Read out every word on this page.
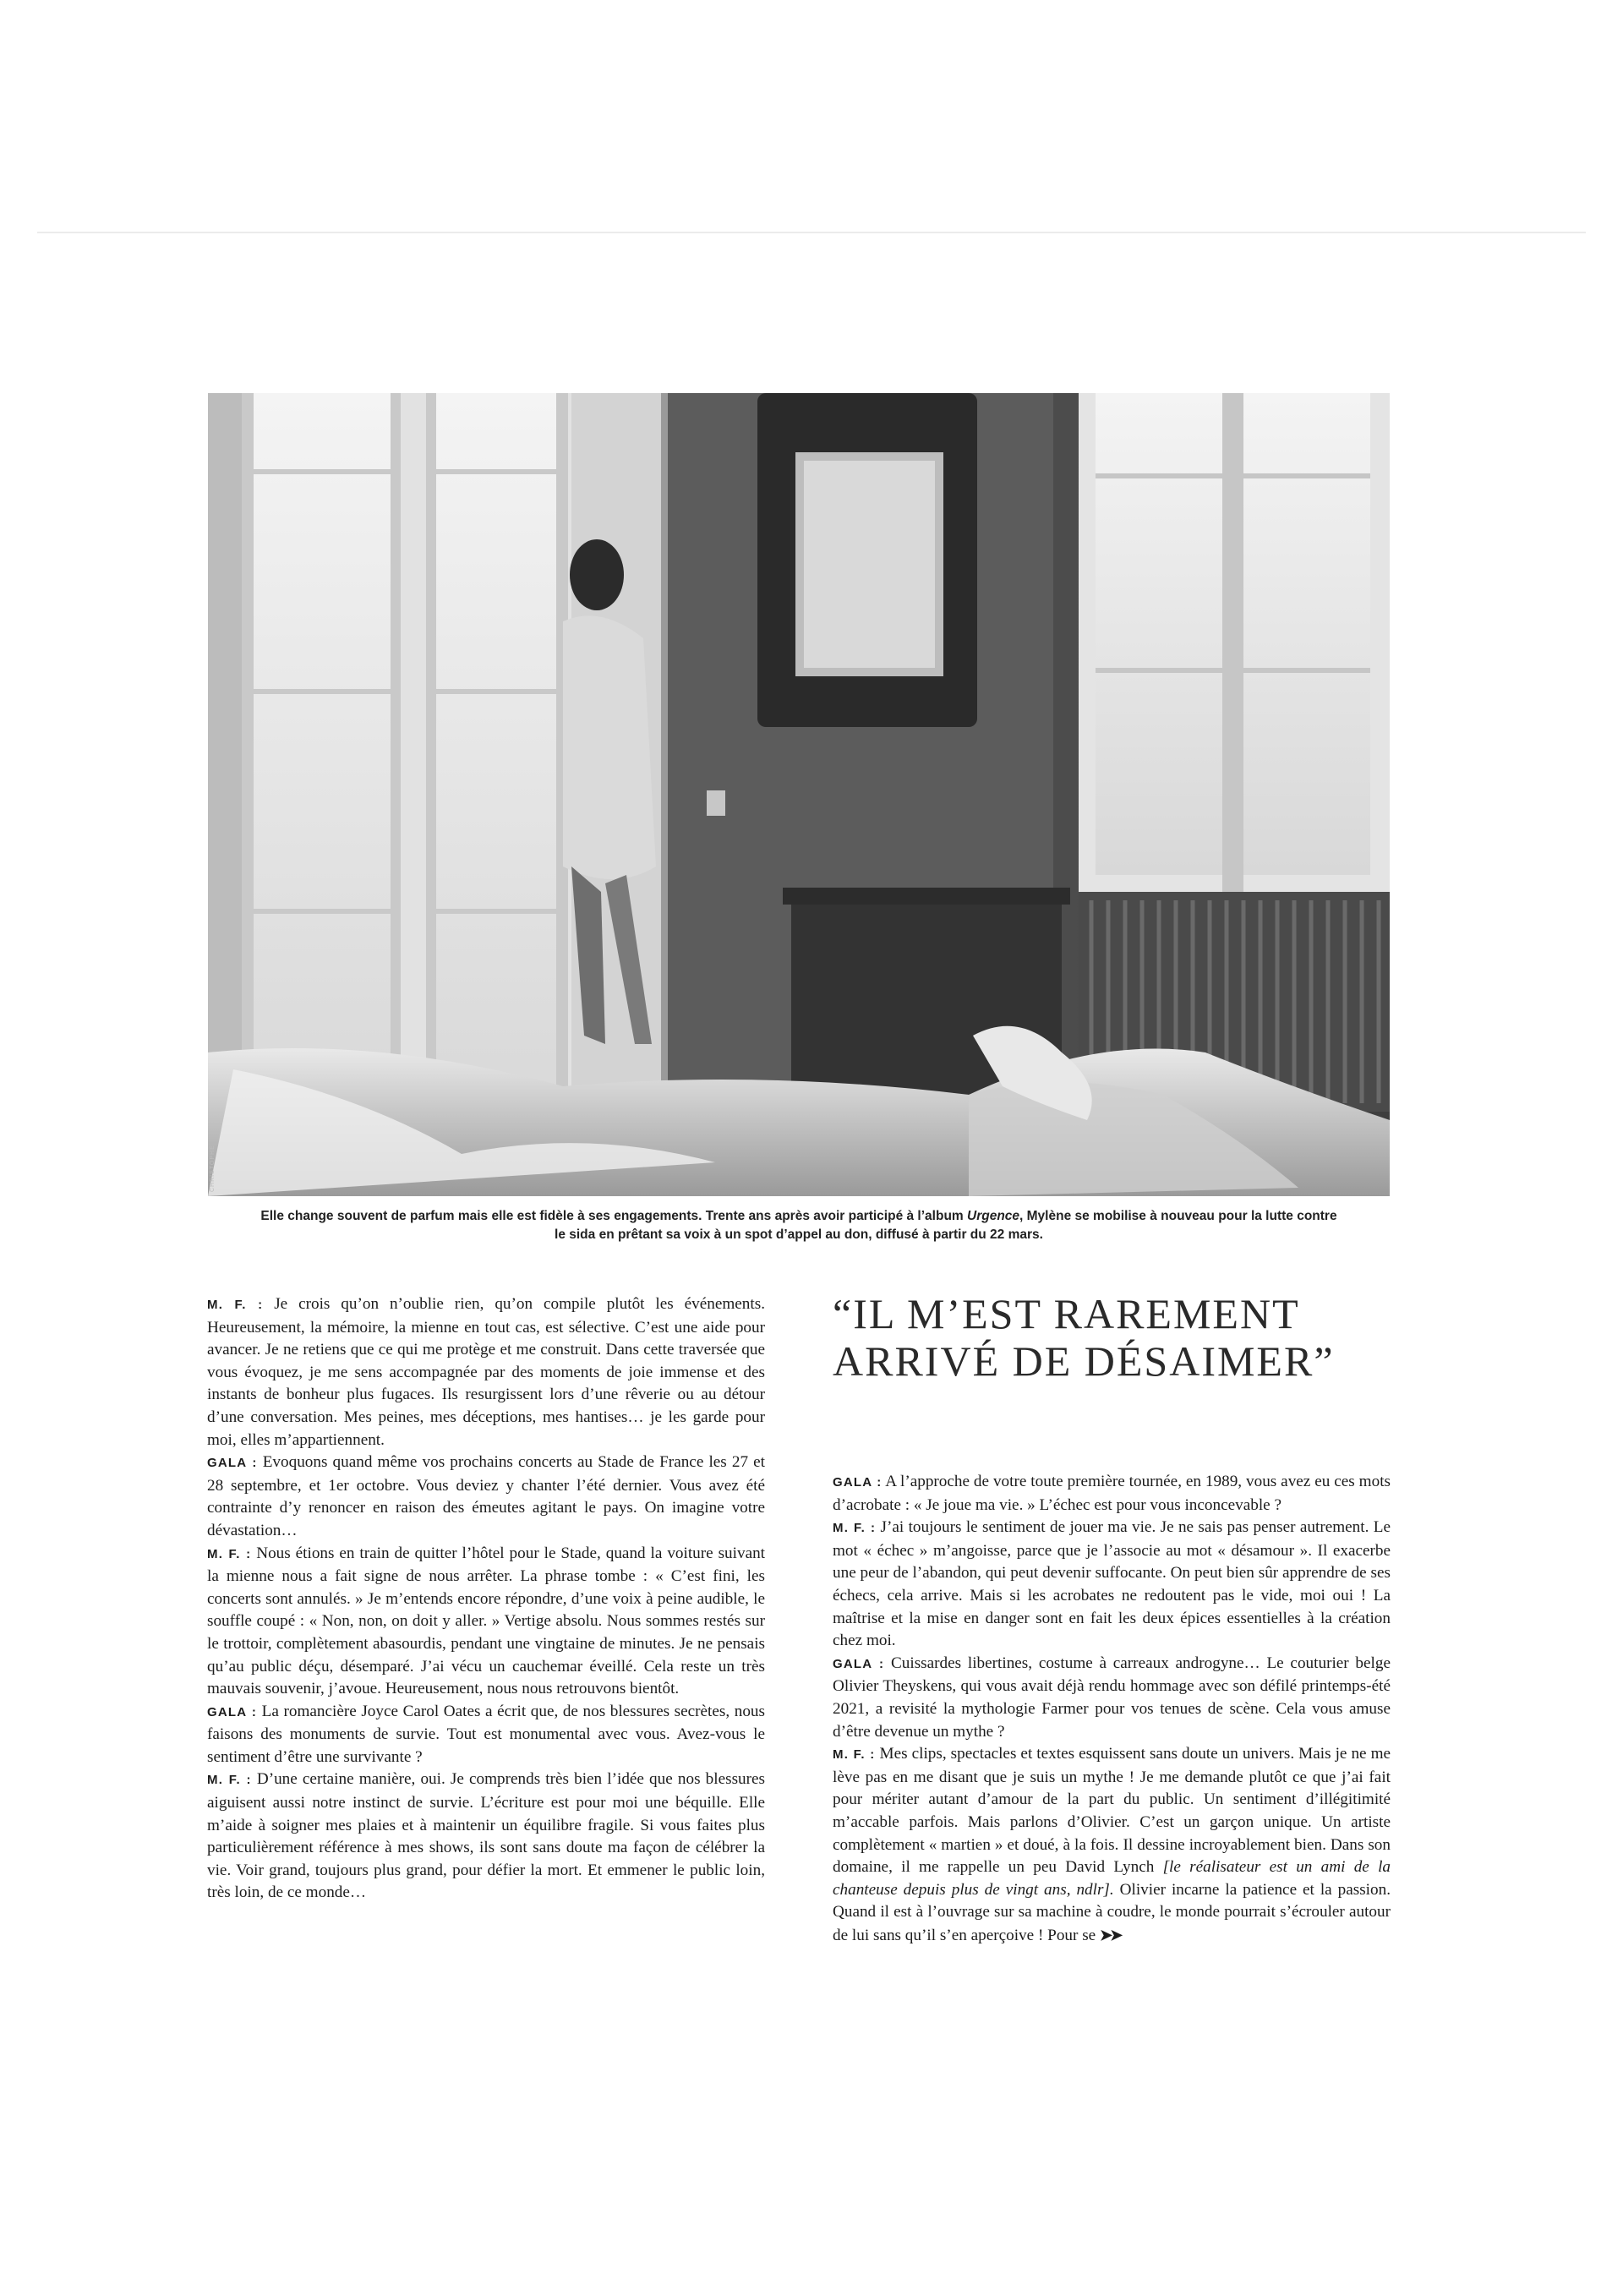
CHRISTOPHE
Elle change souvent de parfum mais elle est fidèle à ses engagements. Trente ans après avoir participé à l’album Urgence, Mylène se mobilise à nouveau pour la lutte contre le sida en prêtant sa voix à un spot d’appel au don, diffusé à partir du 22 mars.

M. F. : Je crois qu’on n’oublie rien, qu’on compile plutôt les événements. Heureusement, la mémoire, la mienne en tout cas, est sélective. C’est une aide pour avancer. Je ne retiens que ce qui me protège et me construit. Dans cette traversée que vous évoquez, je me sens accompagnée par des moments de joie immense et des instants de bonheur plus fugaces. Ils resurgissent lors d’une rêverie ou au détour d’une conversation. Mes peines, mes déceptions, mes hantises… je les garde pour moi, elles m’appartiennent.

GALA : Evoquons quand même vos prochains concerts au Stade de France les 27 et 28 septembre, et 1er octobre. Vous deviez y chanter l’été dernier. Vous avez été contrainte d’y renoncer en raison des émeutes agitant le pays. On imagine votre dévastation…

M. F. : Nous étions en train de quitter l’hôtel pour le Stade, quand la voiture suivant la mienne nous a fait signe de nous arrêter. La phrase tombe : « C’est fini, les concerts sont annulés. » Je m’entends encore répondre, d’une voix à peine audible, le souffle coupé : « Non, non, on doit y aller. » Vertige absolu. Nous sommes restés sur le trottoir, complètement abasourdis, pendant une vingtaine de minutes. Je ne pensais qu’au public déçu, désemparé. J’ai vécu un cauchemar éveillé. Cela reste un très mauvais souvenir, j’avoue. Heureusement, nous nous retrouvons bientôt.

GALA : La romancière Joyce Carol Oates a écrit que, de nos blessures secrètes, nous faisons des monuments de survie. Tout est monumental avec vous. Avez-vous le sentiment d’être une survivante ?

M. F. : D’une certaine manière, oui. Je comprends très bien l’idée que nos blessures aiguisent aussi notre instinct de survie. L’écriture est pour moi une béquille. Elle m’aide à soigner mes plaies et à maintenir un équilibre fragile. Si vous faites plus particulièrement référence à mes shows, ils sont sans doute ma façon de célébrer la vie. Voir grand, toujours plus grand, pour défier la mort. Et emmener le public loin, très loin, de ce monde…

“IL M’EST RAREMENT
ARRIVÉ DE DÉSAIMER”

GALA : A l’approche de votre toute première tournée, en 1989, vous avez eu ces mots d’acrobate : « Je joue ma vie. » L’échec est pour vous inconcevable ?

M. F. : J’ai toujours le sentiment de jouer ma vie. Je ne sais pas penser autrement. Le mot « échec » m’angoisse, parce que je l’associe au mot « désamour ». Il exacerbe une peur de l’abandon, qui peut devenir suffocante. On peut bien sûr apprendre de ses échecs, cela arrive. Mais si les acrobates ne redoutent pas le vide, moi oui ! La maîtrise et la mise en danger sont en fait les deux épices essentielles à la création chez moi.

GALA : Cuissardes libertines, costume à carreaux androgyne… Le couturier belge Olivier Theyskens, qui vous avait déjà rendu hommage avec son défilé printemps-été 2021, a revisité la mythologie Farmer pour vos tenues de scène. Cela vous amuse d’être devenue un mythe ?

M. F. : Mes clips, spectacles et textes esquissent sans doute un univers. Mais je ne me lève pas en me disant que je suis un mythe ! Je me demande plutôt ce que j’ai fait pour mériter autant d’amour de la part du public. Un sentiment d’illégitimité m’accable parfois. Mais parlons d’Olivier. C’est un garçon unique. Un artiste complètement « martien » et doué, à la fois. Il dessine incroyablement bien. Dans son domaine, il me rappelle un peu David Lynch [le réalisateur est un ami de la chanteuse depuis plus de vingt ans, ndlr]. Olivier incarne la patience et la passion. Quand il est à l’ouvrage sur sa machine à coudre, le monde pourrait s’écrouler autour de lui sans qu’il s’en aperçoive ! Pour se ➤➤
